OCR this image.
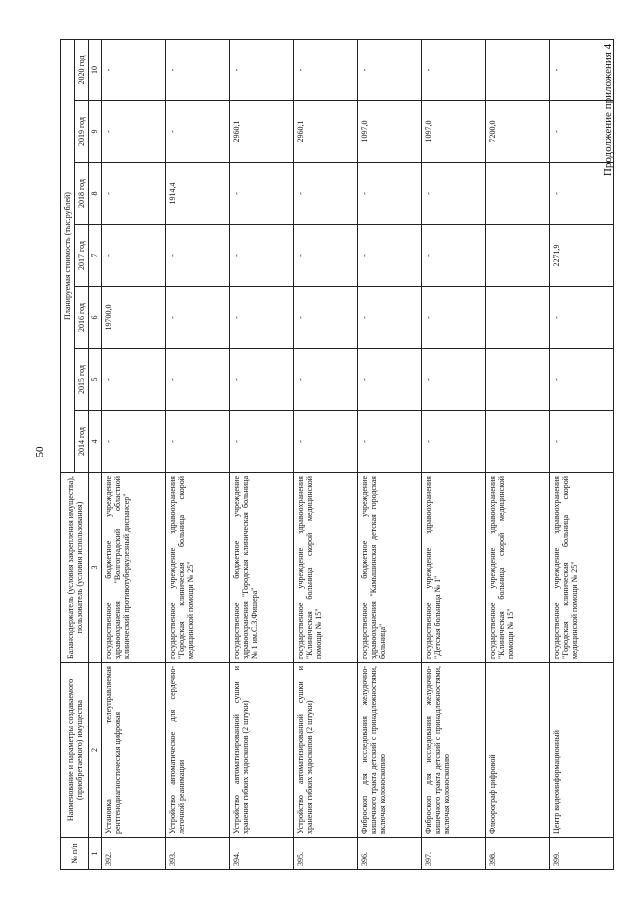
50
Продолжение приложения 4
№ п/п	Наименование и параметры создаваемого (приобретаемого) имущества	Балансодержатель (условия закрепления имущества), пользователь (условия использования)	Планируемая стоимость (тыс.рублей)						
			2014 год	2015 год	2016 год	2017 год	2018 год	2019 год	2020 год
1	2	3	4	5	6	7	8	9	10
392.	Установка телеуправляемая рентгенодиагностическая цифровая	государственное бюджетное учреждение здравоохранения "Волгоградский областной клинический противотуберкулезный диспансер"	-	-	19700,0	-	-	-	-
393.	Устройство автоматическое для сердечно-легочной реанимации	государственное учреждение здравоохранения "Городская клиническая больница скорой медицинской помощи № 25"	-	-	-	-	1914,4	-	-
394.	Устройство автоматизированной сушки и хранения гибких эндоскопов (2 штуки)	государственное бюджетное учреждение здравоохранения "Городская клиническая больница № 1 им.С.З.Фишера"	-	-	-	-	-	2960,1	-
395.	Устройство автоматизированной сушки и хранения гибких эндоскопов (2 штуки)	государственное учреждение здравоохранения "Клиническая больница скорой медицинской помощи № 15"	-	-	-	-	-	2960,1	-
396.	Фиброскоп для исследования желудочно-кишечного тракта детский с принадлежностями, включая колоноскопию	государственное бюджетное учреждение здравоохранения "Камышинская детская городская больница"	-	-	-	-	-	1097,0	-
397.	Фиброскоп для исследования желудочно-кишечного тракта детский с принадлежностями, включая колоноскопию	государственное учреждение здравоохранения "Детская больница № 1"	-	-	-	-	-	1097,0	-
398.	Флюорограф цифровой	государственное учреждение здравоохранения "Клиническая больница скорой медицинской помощи № 15"						7200,0	
399.	Центр видеоинформационный	государственное учреждение здравоохранения "Городская клиническая больница скорой медицинской помощи № 25"	-	-	-	2271,9	-	-	-
